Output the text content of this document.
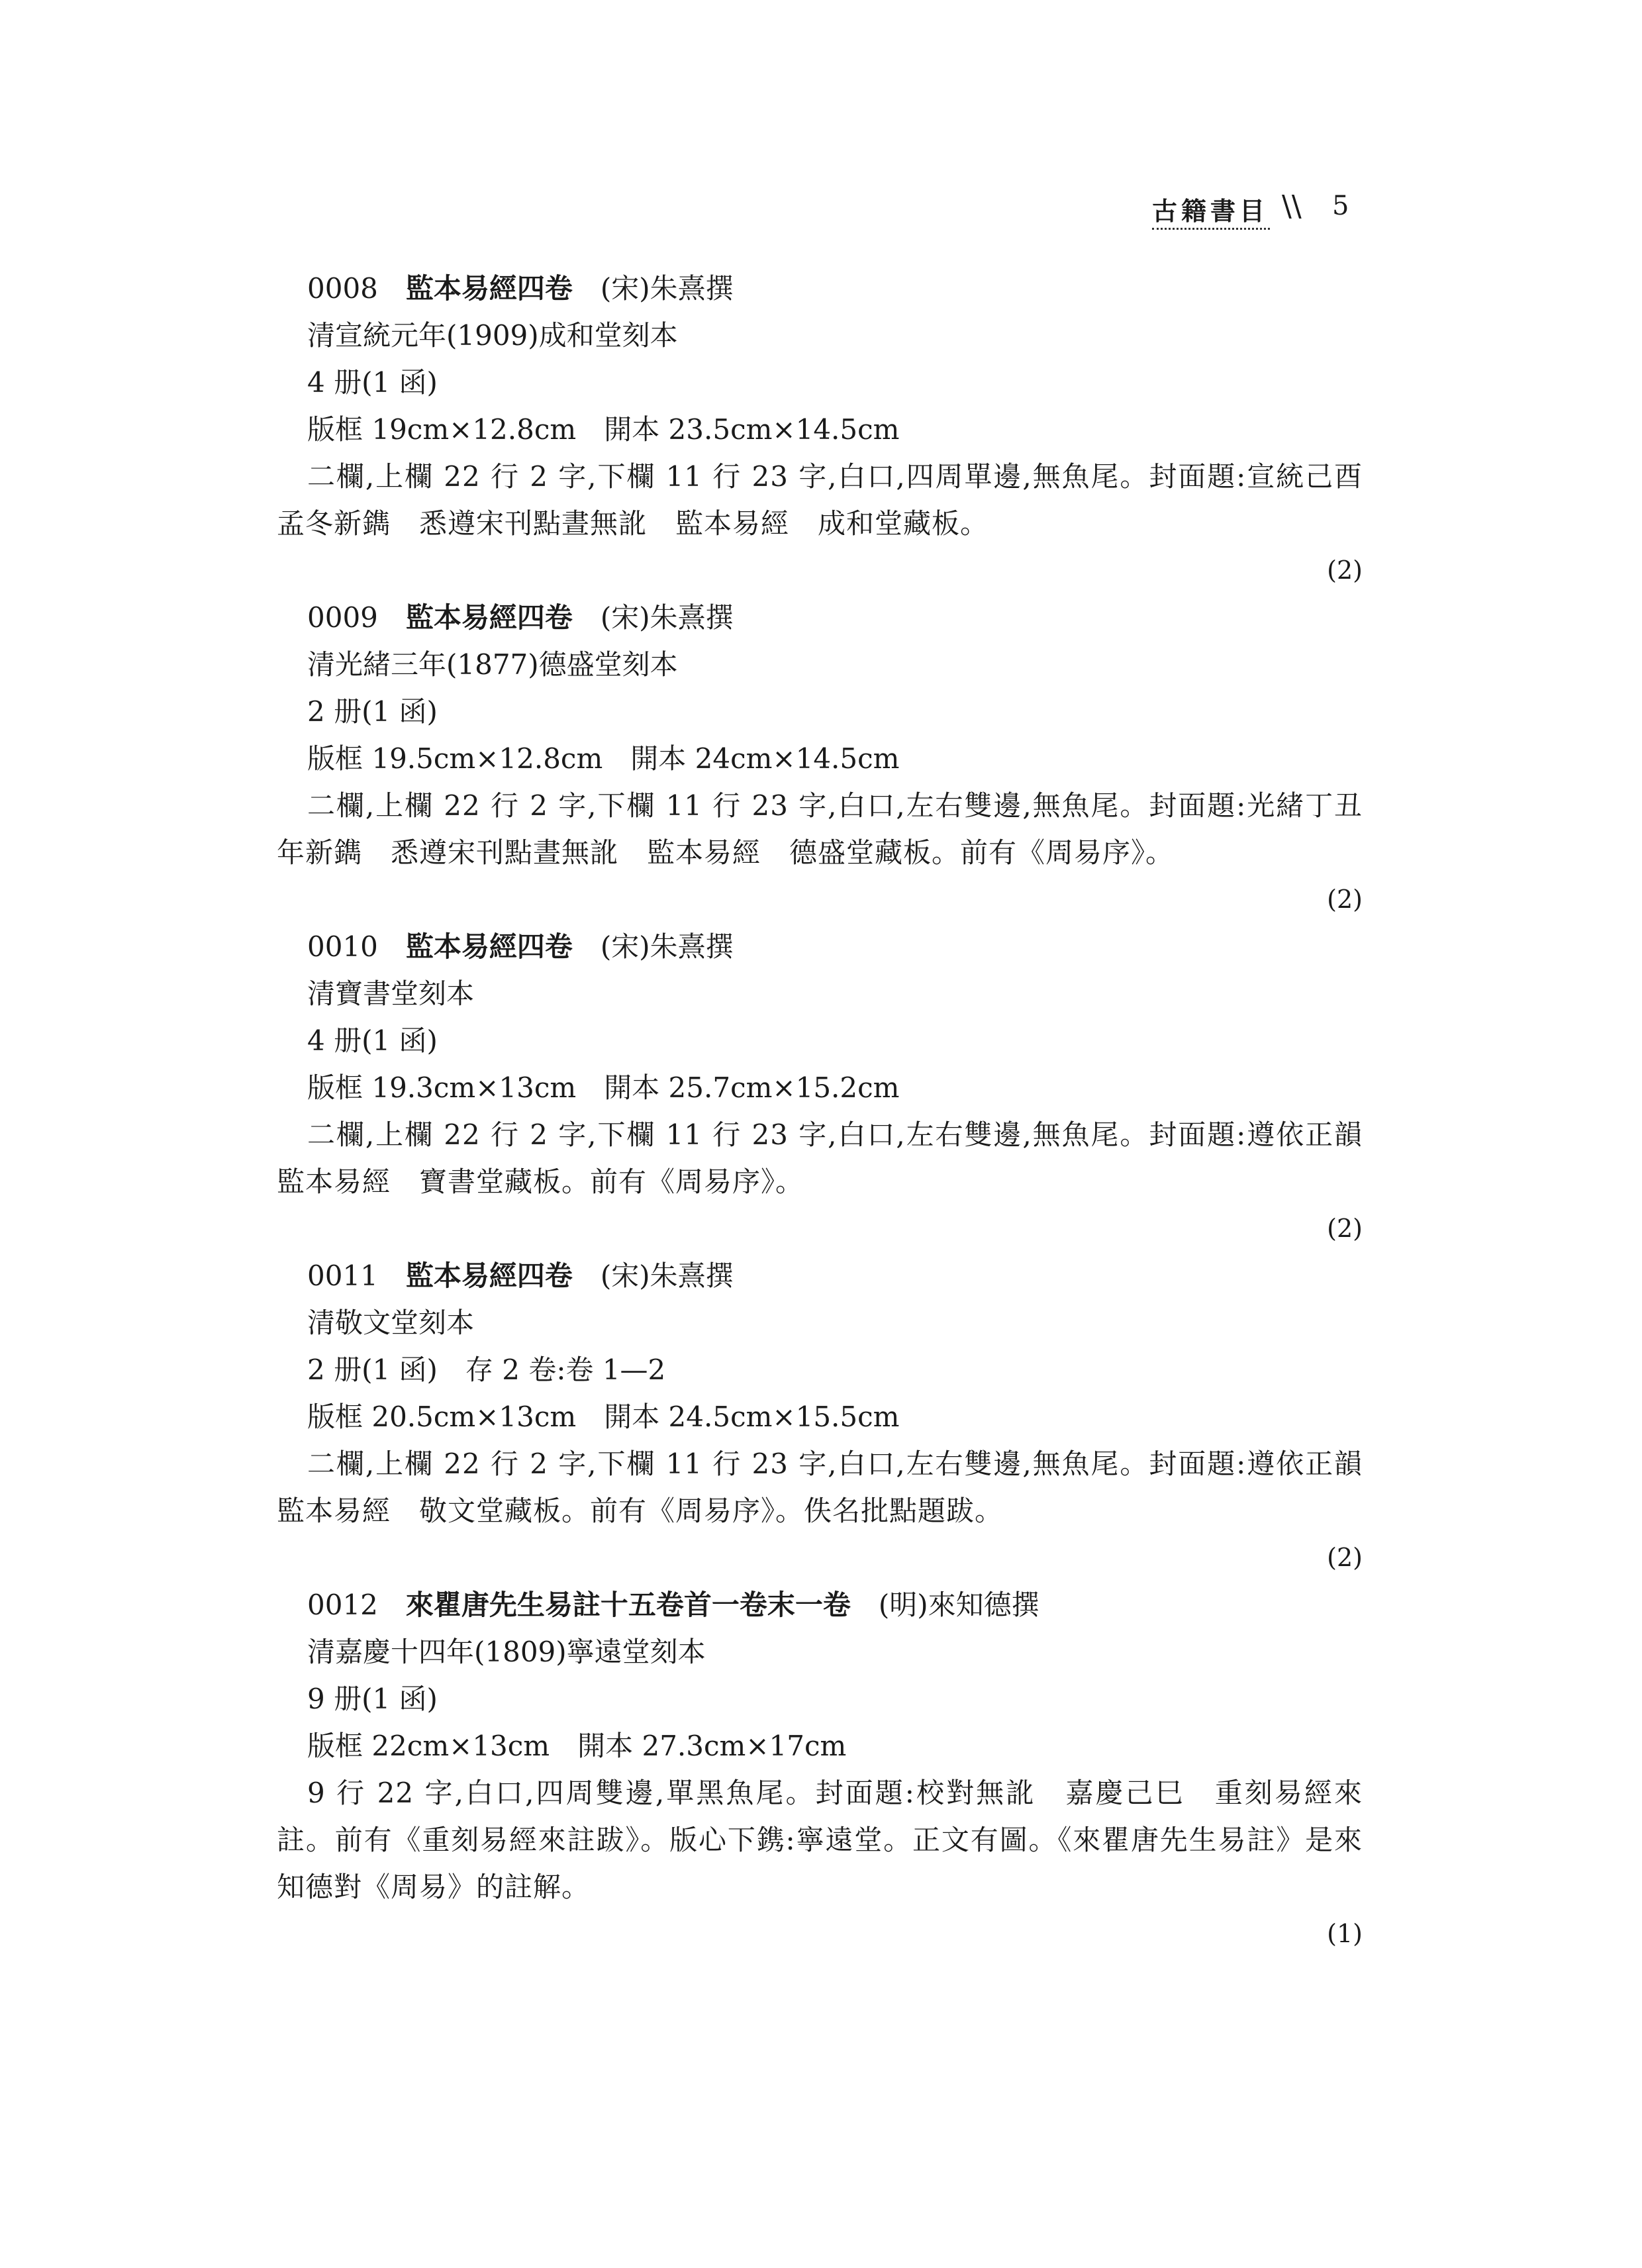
古籍書目 \\ 5
0008 監本易經四卷 (宋)朱熹撰
清宣統元年(1909)成和堂刻本
4 册(1 函)
版框 19cm×12.8cm　開本 23.5cm×14.5cm
二欄,上欄 22 行 2 字,下欄 11 行 23 字,白口,四周單邊,無魚尾。封面題:宣統己酉孟冬新鐫　悉遵宋刊點晝無訛　監本易經　成和堂藏板。
(2)
0009 監本易經四卷 (宋)朱熹撰
清光緒三年(1877)德盛堂刻本
2 册(1 函)
版框 19.5cm×12.8cm　開本 24cm×14.5cm
二欄,上欄 22 行 2 字,下欄 11 行 23 字,白口,左右雙邊,無魚尾。封面題:光緒丁丑年新鐫　悉遵宋刊點晝無訛　監本易經　德盛堂藏板。前有《周易序》。
(2)
0010 監本易經四卷 (宋)朱熹撰
清寶書堂刻本
4 册(1 函)
版框 19.3cm×13cm　開本 25.7cm×15.2cm
二欄,上欄 22 行 2 字,下欄 11 行 23 字,白口,左右雙邊,無魚尾。封面題:遵依正韻　監本易經　寶書堂藏板。前有《周易序》。
(2)
0011 監本易經四卷 (宋)朱熹撰
清敬文堂刻本
2 册(1 函)　存 2 卷:卷 1—2
版框 20.5cm×13cm　開本 24.5cm×15.5cm
二欄,上欄 22 行 2 字,下欄 11 行 23 字,白口,左右雙邊,無魚尾。封面題:遵依正韻　監本易經　敬文堂藏板。前有《周易序》。佚名批點題跋。
(2)
0012 來瞿唐先生易註十五卷首一卷末一卷 (明)來知德撰
清嘉慶十四年(1809)寧遠堂刻本
9 册(1 函)
版框 22cm×13cm　開本 27.3cm×17cm
9 行 22 字,白口,四周雙邊,單黑魚尾。封面題:校對無訛　嘉慶己巳　重刻易經來註。前有《重刻易經來註跋》。版心下鎸:寧遠堂。正文有圖。《來瞿唐先生易註》是來知德對《周易》的註解。
(1)
